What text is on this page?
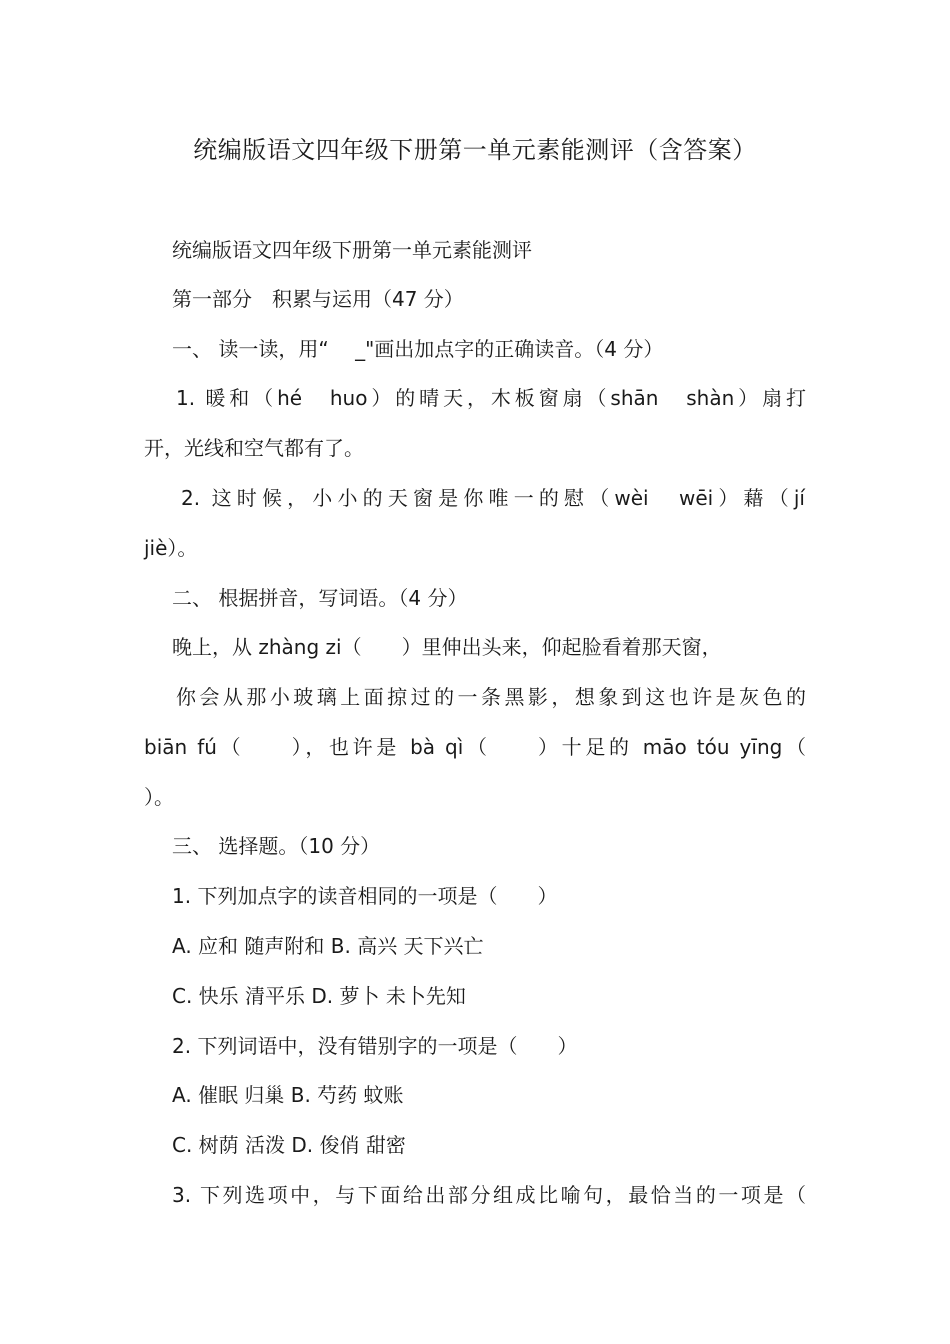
统编版语文四年级下册第一单元素能测评（含答案）
统编版语文四年级下册第一单元素能测评
第一部分　积累与运用（47 分）
一、 读一读，用“　 _"画出加点字的正确读音。（4 分）
1. 暖和（hé　huo）的晴天，木板窗扇（shān　shàn）扇打
开，光线和空气都有了。
2. 这时候，小小的天窗是你唯一的慰（wèi　wēi）藉（jí
jiè）。
二、 根据拼音，写词语。（4 分）
晚上，从 zhàng zi（　　）里伸出头来，仰起脸看着那天窗，
你会从那小玻璃上面掠过的一条黑影，想象到这也许是灰色的
biān fú（　　），也许是 bà qì（　　）十足的 māo tóu yīng（
）。
三、 选择题。（10 分）
1. 下列加点字的读音相同的一项是（　　）
A. 应和 随声附和 B. 高兴 天下兴亡
C. 快乐 清平乐 D. 萝卜 未卜先知
2. 下列词语中，没有错别字的一项是（　　）
A. 催眠 归巢 B. 芍药 蚊账
C. 树荫 活泼 D. 俊俏 甜密
3. 下列选项中，与下面给出部分组成比喻句，最恰当的一项是（
